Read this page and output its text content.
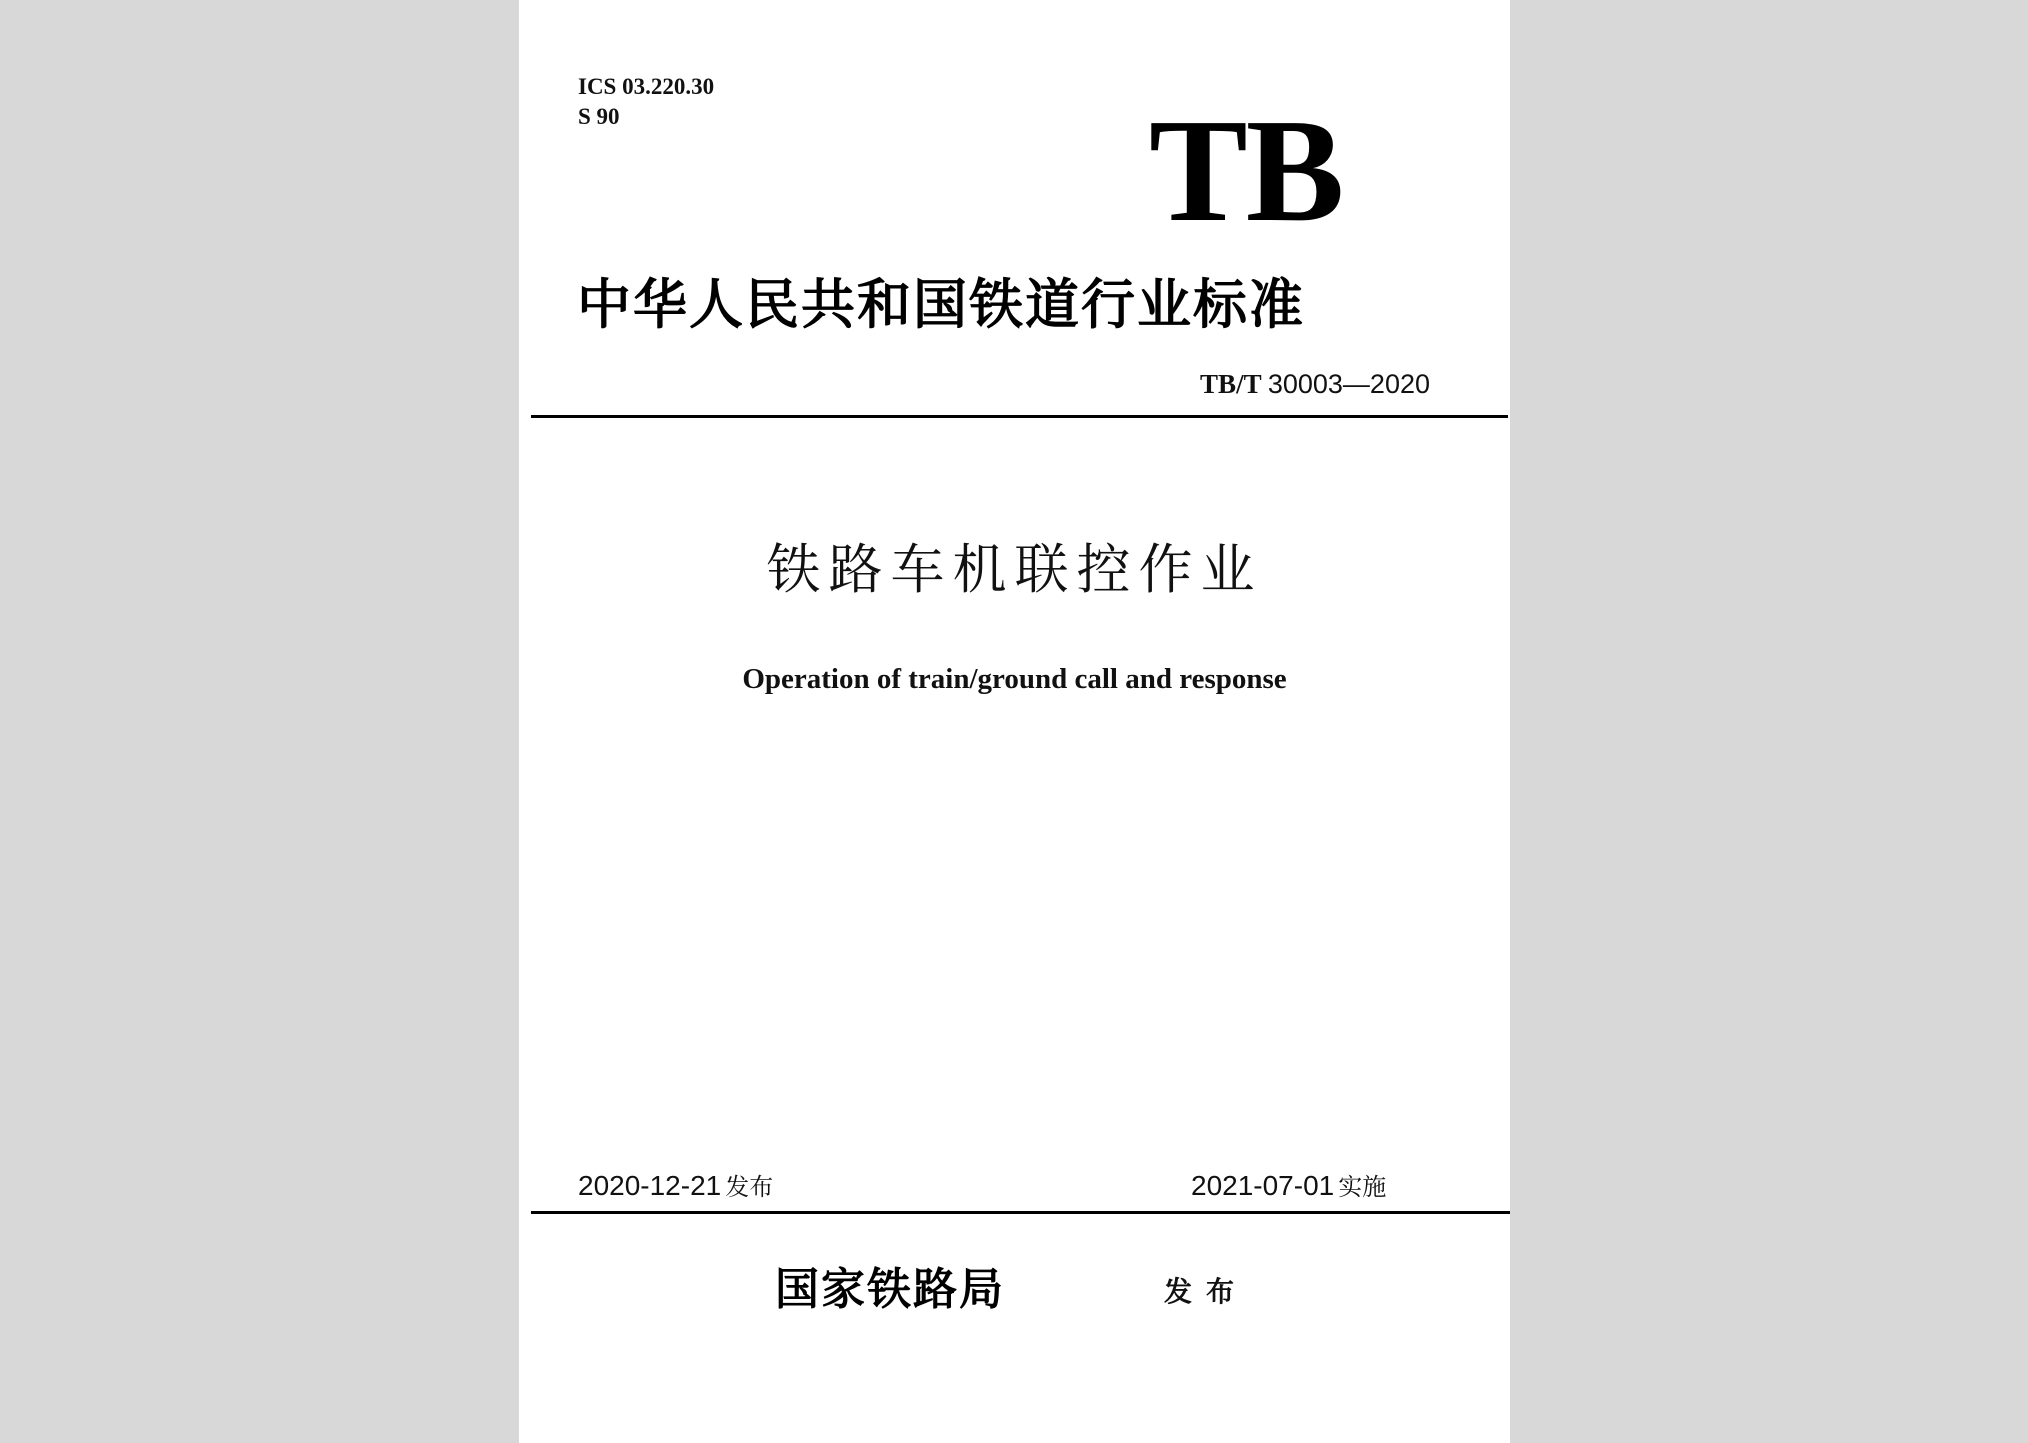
ICS 03.220.30
S 90	TB
中华人民共和国铁道行业标准
TB/T 30003—2020
铁路车机联控作业
Operation of train/ground call and response
2020-12-21 发布	2021-07-01 实施
国家铁路局	发布
